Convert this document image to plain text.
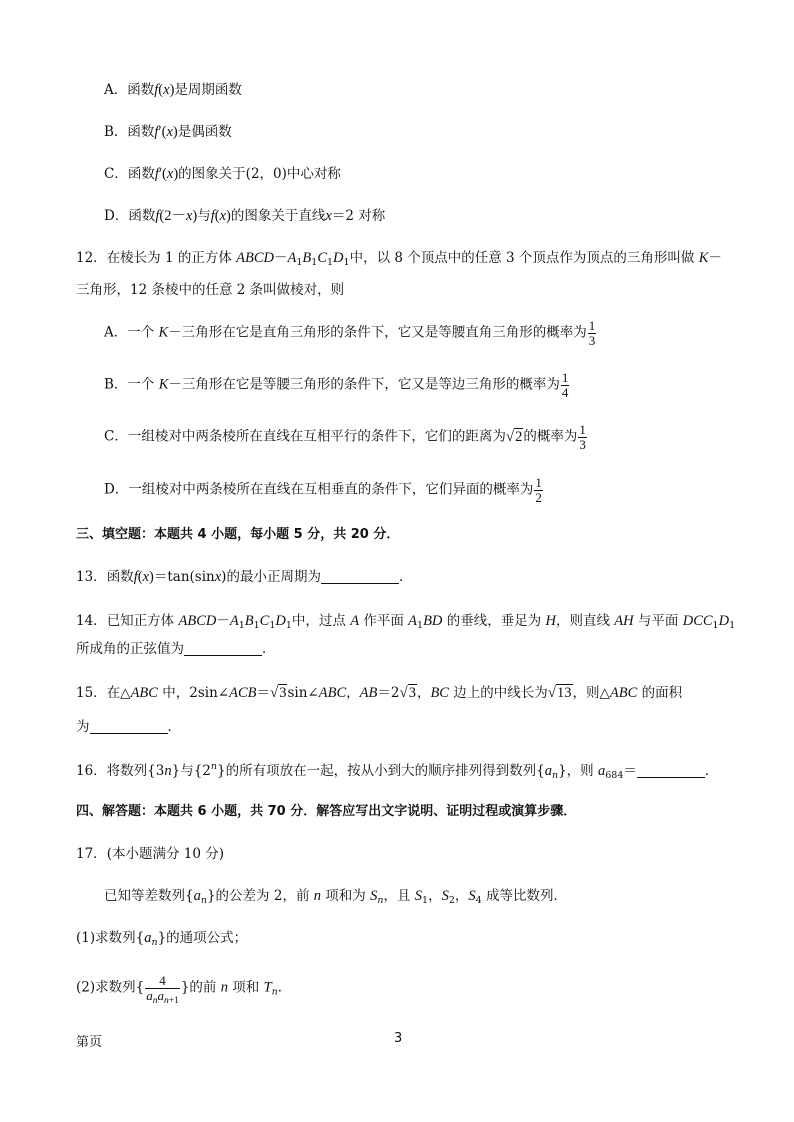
A．函数f(x)是周期函数
B．函数f′(x)是偶函数
C．函数f′(x)的图象关于(2，0)中心对称
D．函数f(2－x)与f(x)的图象关于直线x＝2 对称
12．在棱长为 1 的正方体 $ABCD-A_1B_1C_1D_1$中，以 8 个顶点中的任意 3 个顶点作为顶点的三角形叫做 K－
三角形，12 条棱中的任意 2 条叫做棱对，则
A．一个 K－三角形在它是直角三角形的条件下，它又是等腰直角三角形的概率为 $\frac{1}{3}$
B．一个 K－三角形在它是等腰三角形的条件下，它又是等边三角形的概率为 $\frac{1}{4}$
C．一组棱对中两条棱所在直线在互相平行的条件下，它们的距离为√2的概率为 $\frac{1}{3}$
D．一组棱对中两条棱所在直线在互相垂直的条件下，它们异面的概率为 $\frac{1}{2}$
三、填空题：本题共 4 小题，每小题 5 分，共 20 分．
13．函数f(x)＝tan(sinx)的最小正周期为	．
14．已知正方体 $ABCD-A_1B_1C_1D_1$中，过点 A 作平面 $A_1BD$ 的垂线，垂足为 H，则直线 AH 与平面 $DCC_1D_1$
所成角的正弦值为	．
15．在△ABC 中，2sin∠ACB＝√3sin∠ABC，AB＝2√3，BC 边上的中线长为√13，则△ABC 的面积
为	．
16．将数列{3n}与{2$^n$}的所有项放在一起，按从小到大的顺序排列得到数列$\{a_n\}$，则 $a_{684}=$	．
四、解答题：本题共 6 小题，共 70 分．解答应写出文字说明、证明过程或演算步骤．
17．(本小题满分 10 分)
已知等差数列$\{a_n\}$的公差为 2，前 n 项和为 $S_n$，且 $S_1$，$S_2$，$S_4$ 成等比数列．
(1)求数列$\{a_n\}$的通项公式；
(2)求数列{ $\frac{4}{a_na_{n+1}}$ }的前 n 项和 $T_n$．
第页	3
